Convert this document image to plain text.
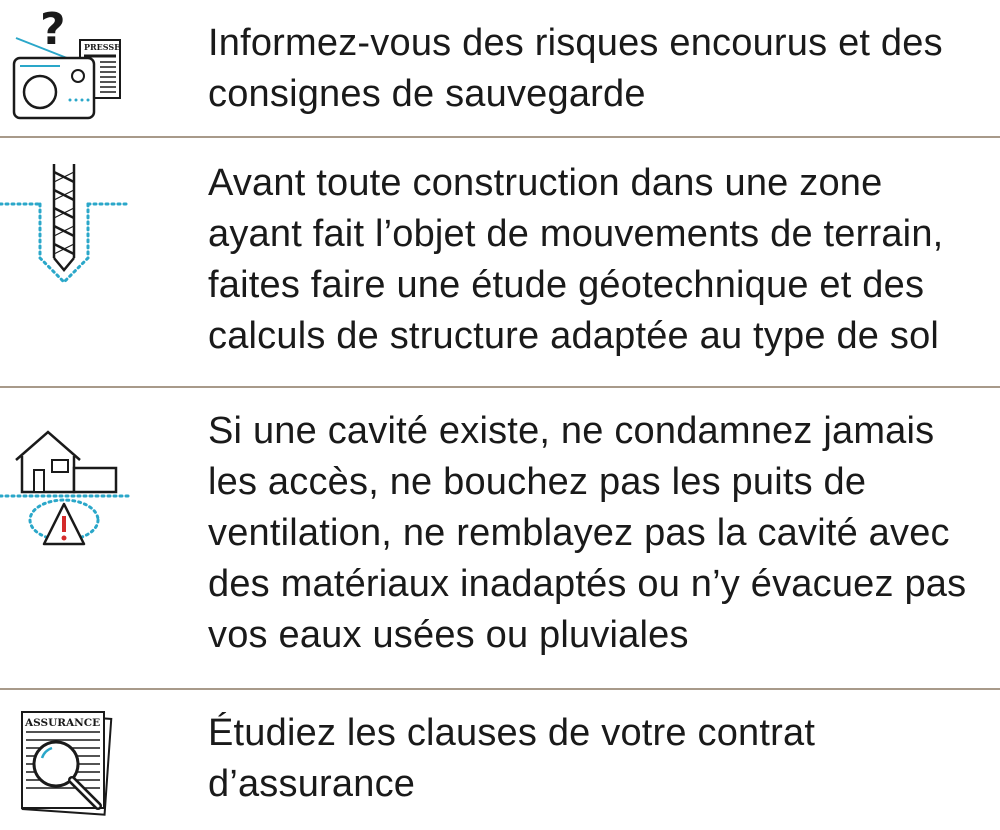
? PRESSE Informez-vous des risques encourus et des
consignes de sauvegarde

Avant toute construction dans une zone
ayant fait l’objet de mouvements de terrain,
faites faire une étude géotechnique et des
calculs de structure adaptée au type de sol

Si une cavité existe, ne condamnez jamais
les accès, ne bouchez pas les puits de
ventilation, ne remblayez pas la cavité avec
des matériaux inadaptés ou n’y évacuez pas
vos eaux usées ou pluviales

ASSURANCE	Étudiez les clauses de votre contrat
d’assurance
